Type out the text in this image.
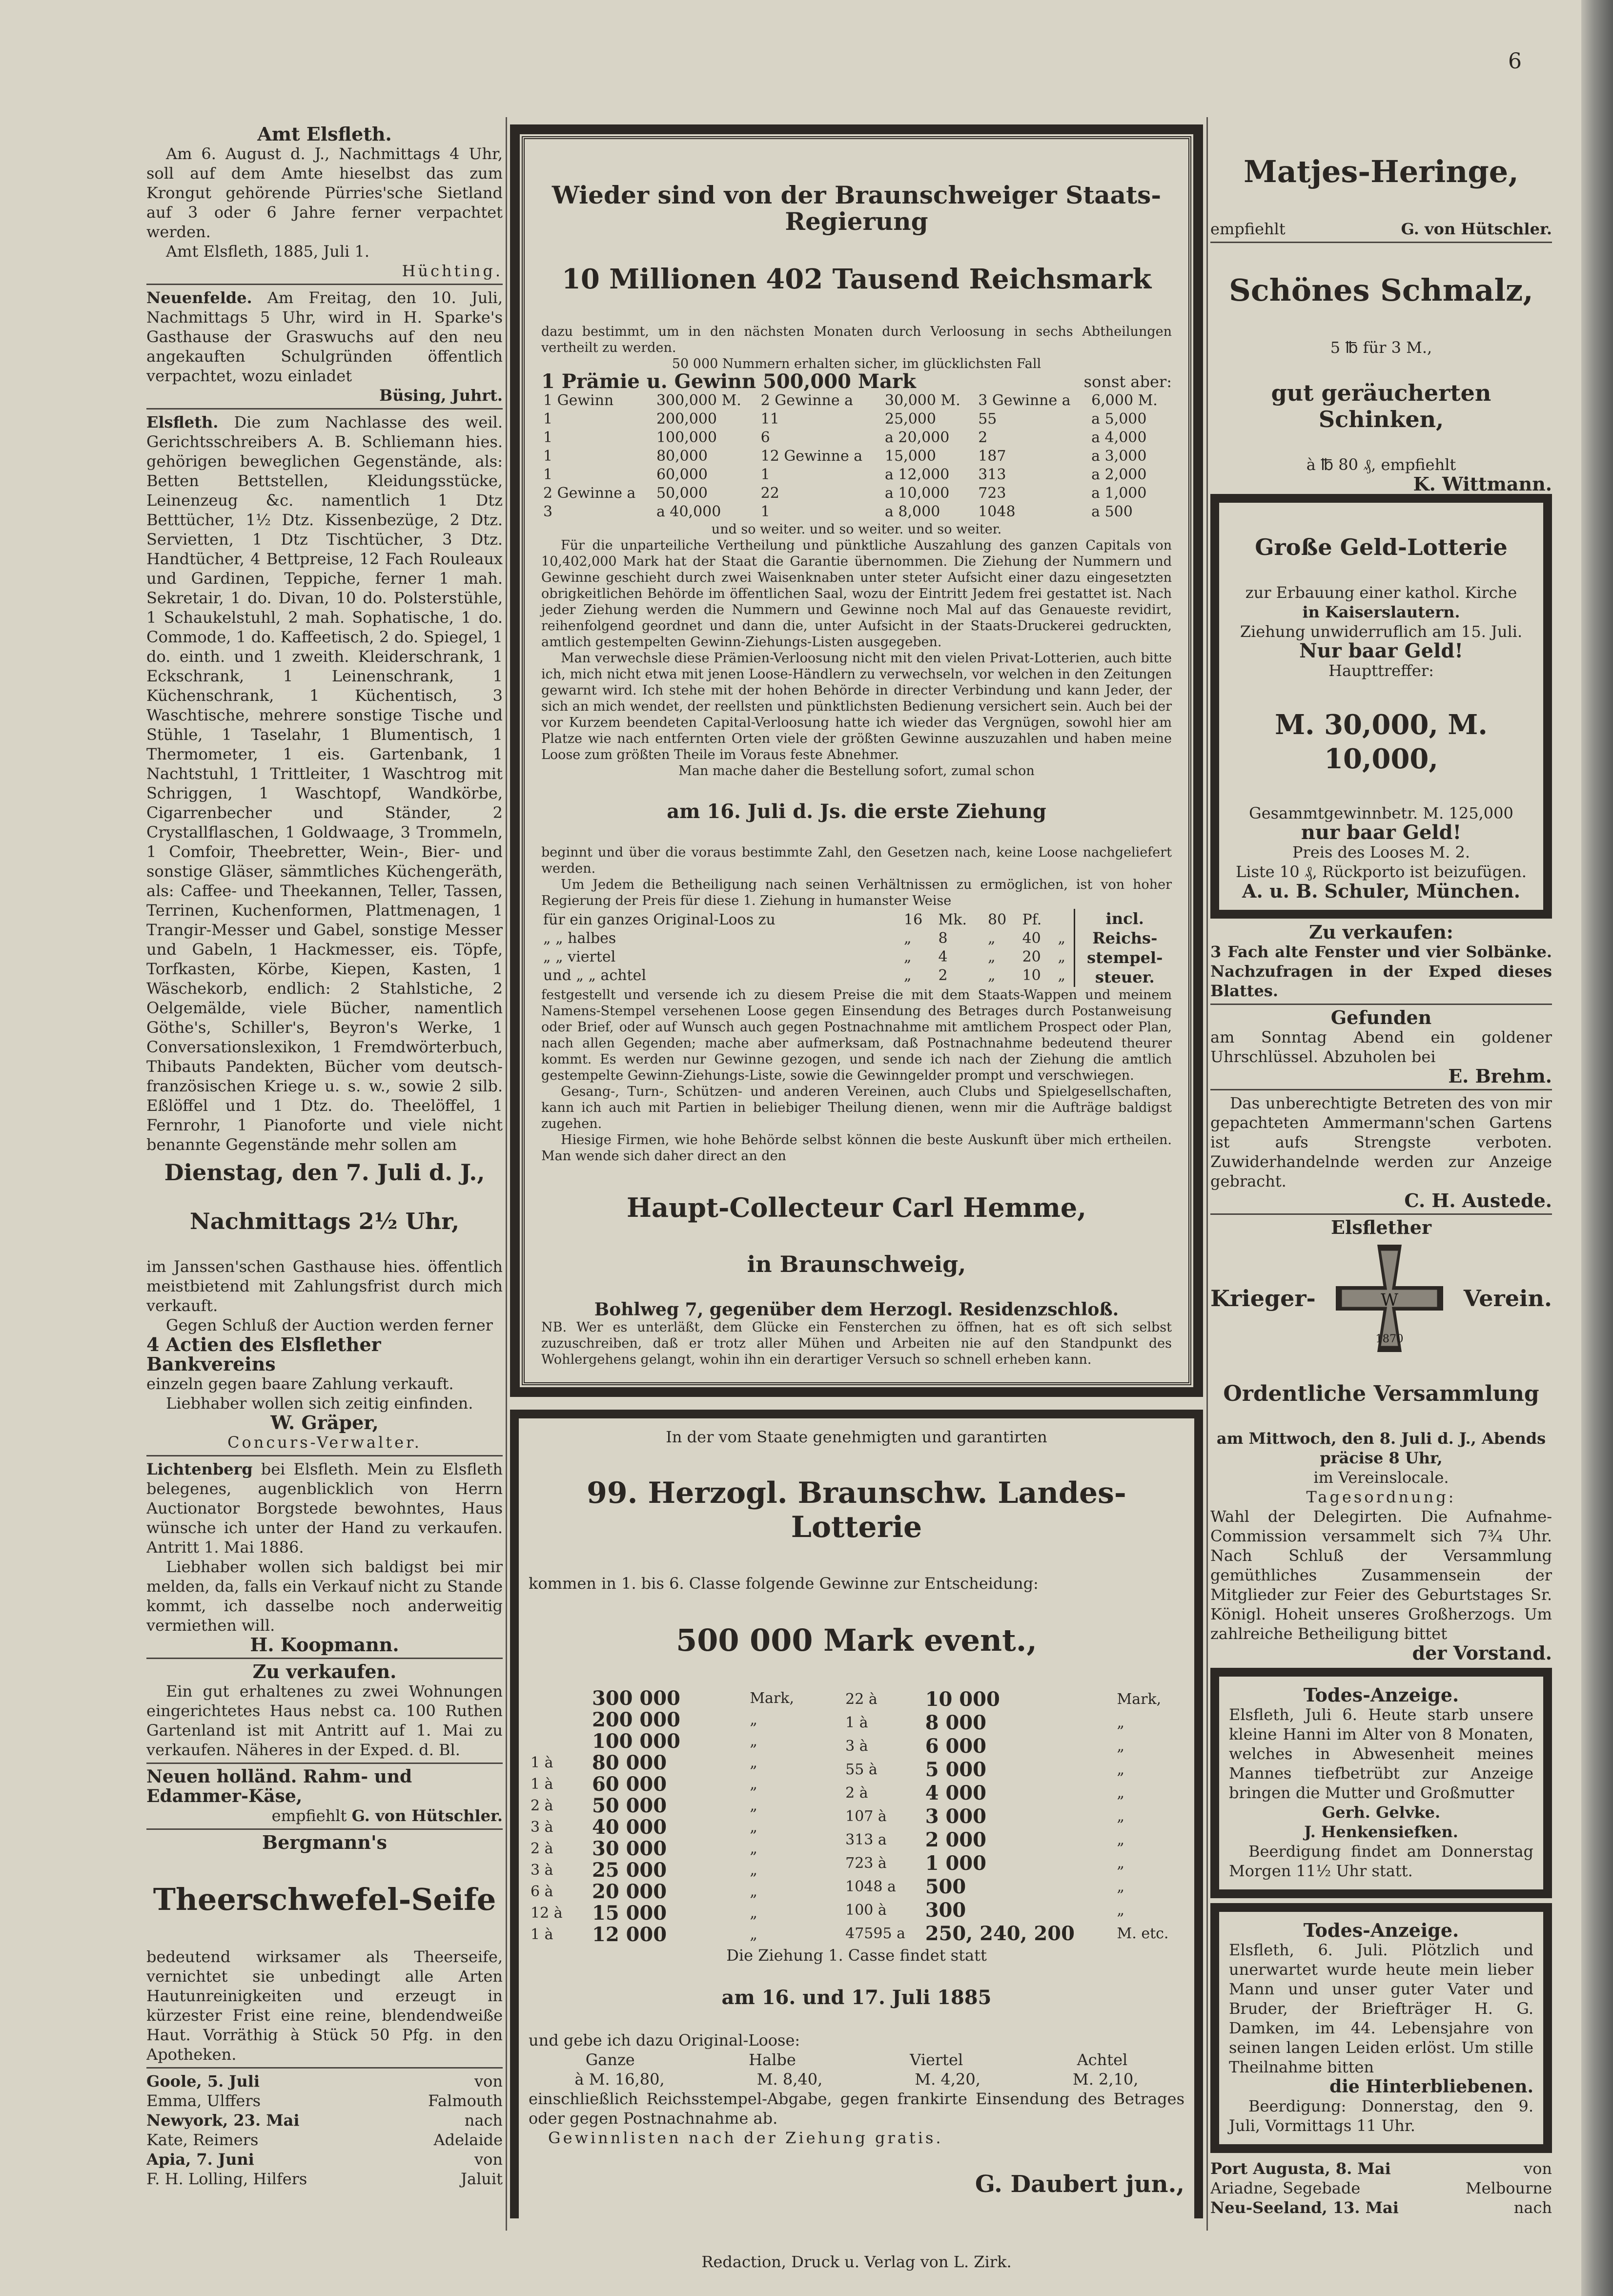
6

Amt Elsfleth.

Am 6. August d. J., Nachmittags 4 Uhr, soll auf dem Amte hieselbst das zum Krongut gehörende Pürries'sche Sietland auf 3 oder 6 Jahre ferner verpachtet werden.

Amt Elsfleth, 1885, Juli 1.

Hüchting.

Neuenfelde. Am Freitag, den 10. Juli, Nachmittags 5 Uhr, wird in H. Sparke's Gasthause der Graswuchs auf den neu angekauften Schulgründen öffentlich verpachtet, wozu einladet

Büsing, Juhrt.

Elsfleth. Die zum Nachlasse des weil. Gerichtsschreibers A. B. Schliemann hies. gehörigen beweglichen Gegenstände, als: Betten Bettstellen, Kleidungsstücke, Leinenzeug &c. namentlich 1 Dtz Betttücher, 1½ Dtz. Kissenbezüge, 2 Dtz. Servietten, 1 Dtz Tischtücher, 3 Dtz. Handtücher, 4 Bettpreise, 12 Fach Rouleaux und Gardinen, Teppiche, ferner 1 mah. Sekretair, 1 do. Divan, 10 do. Polsterstühle, 1 Schaukelstuhl, 2 mah. Sophatische, 1 do. Commode, 1 do. Kaffeetisch, 2 do. Spiegel, 1 do. einth. und 1 zweith. Kleiderschrank, 1 Eckschrank, 1 Leinenschrank, 1 Küchenschrank, 1 Küchentisch, 3 Waschtische, mehrere sonstige Tische und Stühle, 1 Taselahr, 1 Blumentisch, 1 Thermometer, 1 eis. Gartenbank, 1 Nachtstuhl, 1 Trittleiter, 1 Waschtrog mit Schriggen, 1 Waschtopf, Wandkörbe, Cigarrenbecher und Ständer, 2 Crystallflaschen, 1 Goldwaage, 3 Trommeln, 1 Comfoir, Theebretter, Wein-, Bier- und sonstige Gläser, sämmtliches Küchengeräth, als: Caffee- und Theekannen, Teller, Tassen, Terrinen, Kuchenformen, Plattmenagen, 1 Trangir-Messer und Gabel, sonstige Messer und Gabeln, 1 Hackmesser, eis. Töpfe, Torfkasten, Körbe, Kiepen, Kasten, 1 Wäschekorb, endlich: 2 Stahlstiche, 2 Oelgemälde, viele Bücher, namentlich Göthe's, Schiller's, Beyron's Werke, 1 Conversationslexikon, 1 Fremdwörterbuch, Thibauts Pandekten, Bücher vom deutsch-französischen Kriege u. s. w., sowie 2 silb. Eßlöffel und 1 Dtz. do. Theelöffel, 1 Fernrohr, 1 Pianoforte und viele nicht benannte Gegenstände mehr sollen am

Dienstag, den 7. Juli d. J.,

Nachmittags 2½ Uhr,

im Janssen'schen Gasthause hies. öffentlich meistbietend mit Zahlungsfrist durch mich verkauft.

Gegen Schluß der Auction werden ferner

4 Actien des Elsflether Bankvereins

einzeln gegen baare Zahlung verkauft.

Liebhaber wollen sich zeitig einfinden.

W. Gräper,

Concurs-Verwalter.

Lichtenberg bei Elsfleth. Mein zu Elsfleth belegenes, augenblicklich von Herrn Auctionator Borgstede bewohntes, Haus wünsche ich unter der Hand zu verkaufen. Antritt 1. Mai 1886.

Liebhaber wollen sich baldigst bei mir melden, da, falls ein Verkauf nicht zu Stande kommt, ich dasselbe noch anderweitig vermiethen will.

H. Koopmann.

Zu verkaufen.

Ein gut erhaltenes zu zwei Wohnungen eingerichtetes Haus nebst ca. 100 Ruthen Gartenland ist mit Antritt auf 1. Mai zu verkaufen. Näheres in der Exped. d. Bl.

Neuen holländ. Rahm- und Edammer-Käse,

empfiehlt G. von Hütschler.

Bergmann's

Theerschwefel-Seife

bedeutend wirksamer als Theerseife, vernichtet sie unbedingt alle Arten Hautunreinigkeiten und erzeugt in kürzester Frist eine reine, blendendweiße Haut. Vorräthig à Stück 50 Pfg. in den Apotheken.

Goole, 5. Juli	von
Emma, Ulffers	Falmouth
Newyork, 23. Mai	nach
Kate, Reimers	Adelaide
Apia, 7. Juni	von
F. H. Lolling, Hilfers	Jaluit

Wieder sind von der Braunschweiger Staats-Regierung

10 Millionen 402 Tausend Reichsmark

dazu bestimmt, um in den nächsten Monaten durch Verloosung in sechs Abtheilungen vertheilt zu werden.

50 000 Nummern erhalten sicher, im glücklichsten Fall

1 Prämie u. Gewinn 500,000 Mark	sonst aber:

1 Gewinn	300,000 M.	2 Gewinne a	30,000 M.	3 Gewinne a	6,000 M.
1	200,000	11	25,000	55	a 5,000
1	100,000	6	a 20,000	2	a 4,000
1	80,000	12 Gewinne a	15,000	187	a 3,000
1	60,000	1	a 12,000	313	a 2,000
2 Gewinne a	50,000	22	a 10,000	723	a 1,000
3	a 40,000	1	a 8,000	1048	a 500

und so weiter. und so weiter. und so weiter.

Für die unparteiliche Vertheilung und pünktliche Auszahlung des ganzen Capitals von 10,402,000 Mark hat der Staat die Garantie übernommen. Die Ziehung der Nummern und Gewinne geschieht durch zwei Waisenknaben unter steter Aufsicht einer dazu eingesetzten obrigkeitlichen Behörde im öffentlichen Saal, wozu der Eintritt Jedem frei gestattet ist. Nach jeder Ziehung werden die Nummern und Gewinne noch Mal auf das Genaueste revidirt, reihenfolgend geordnet und dann die, unter Aufsicht in der Staats-Druckerei gedruckten, amtlich gestempelten Gewinn-Ziehungs-Listen ausgegeben.

Man verwechsle diese Prämien-Verloosung nicht mit den vielen Privat-Lotterien, auch bitte ich, mich nicht etwa mit jenen Loose-Händlern zu verwechseln, vor welchen in den Zeitungen gewarnt wird. Ich stehe mit der hohen Behörde in directer Verbindung und kann Jeder, der sich an mich wendet, der reellsten und pünktlichsten Bedienung versichert sein. Auch bei der vor Kurzem beendeten Capital-Verloosung hatte ich wieder das Vergnügen, sowohl hier am Platze wie nach entfernten Orten viele der größten Gewinne auszuzahlen und haben meine Loose zum größten Theile im Voraus feste Abnehmer.

Man mache daher die Bestellung sofort, zumal schon

am 16. Juli d. Js. die erste Ziehung

beginnt und über die voraus bestimmte Zahl, den Gesetzen nach, keine Loose nachgeliefert werden.

Um Jedem die Betheiligung nach seinen Verhältnissen zu ermöglichen, ist von hoher Regierung der Preis für diese 1. Ziehung in humanster Weise

für ein ganzes Original-Loos zu	16	Mk.	80	Pf.	
„ „ halbes	„	8	„	40	„
„ „ viertel	„	4	„	20	„
und „ „ achtel	„	2	„	10	„
incl. Reichs-stempel-steuer.

festgestellt und versende ich zu diesem Preise die mit dem Staats-Wappen und meinem Namens-Stempel versehenen Loose gegen Einsendung des Betrages durch Postanweisung oder Brief, oder auf Wunsch auch gegen Postnachnahme mit amtlichem Prospect oder Plan, nach allen Gegenden; mache aber aufmerksam, daß Postnachnahme bedeutend theurer kommt. Es werden nur Gewinne gezogen, und sende ich nach der Ziehung die amtlich gestempelte Gewinn-Ziehungs-Liste, sowie die Gewinngelder prompt und verschwiegen.

Gesang-, Turn-, Schützen- und anderen Vereinen, auch Clubs und Spielgesellschaften, kann ich auch mit Partien in beliebiger Theilung dienen, wenn mir die Aufträge baldigst zugehen.

Hiesige Firmen, wie hohe Behörde selbst können die beste Auskunft über mich ertheilen. Man wende sich daher direct an den

Haupt-Collecteur Carl Hemme,

in Braunschweig,

Bohlweg 7, gegenüber dem Herzogl. Residenzschloß.

NB. Wer es unterläßt, dem Glücke ein Fensterchen zu öffnen, hat es oft sich selbst zuzuschreiben, daß er trotz aller Mühen und Arbeiten nie auf den Standpunkt des Wohlergehens gelangt, wohin ihn ein derartiger Versuch so schnell erheben kann.

In der vom Staate genehmigten und garantirten

99. Herzogl. Braunschw. Landes-Lotterie

kommen in 1. bis 6. Classe folgende Gewinne zur Entscheidung:

500 000 Mark event.,

	300 000	Mark,
	200 000	„
	100 000	„
1 à	80 000	„
1 à	60 000	„
2 à	50 000	„
3 à	40 000	„
2 à	30 000	„
3 à	25 000	„
6 à	20 000	„
12 à	15 000	„
1 à	12 000	„
22 à	10 000	Mark,
1 à	8 000	„
3 à	6 000	„
55 à	5 000	„
2 à	4 000	„
107 à	3 000	„
313 a	2 000	„
723 à	1 000	„
1048 a	500	„
100 à	300	„
47595 a	250, 240, 200	M. etc.

Die Ziehung 1. Casse findet statt

am 16. und 17. Juli 1885

und gebe ich dazu Original-Loose:

Ganze	Halbe	Viertel	Achtel
à M. 16,80,	M. 8,40,	M. 4,20,	M. 2,10,

einschließlich Reichsstempel-Abgabe, gegen frankirte Einsendung des Betrages oder gegen Postnachnahme ab.

Gewinnlisten nach der Ziehung gratis.

G. Daubert jun.,

Matjes-Heringe,

empfiehlt	G. von Hütschler.

Schönes Schmalz,

5 ℔ für 3 M.,

gut geräucherten Schinken,

à ℔ 80 ₰, empfiehlt

K. Wittmann.

Große Geld-Lotterie

zur Erbauung einer kathol. Kirche

in Kaiserslautern.

Ziehung unwiderruflich am 15. Juli.

Nur baar Geld!

Haupttreffer:

M. 30,000, M. 10,000,

Gesammtgewinnbetr. M. 125,000

nur baar Geld!

Preis des Looses M. 2.

Liste 10 ₰, Rückporto ist beizufügen.

A. u. B. Schuler, München.

Zu verkaufen:

3 Fach alte Fenster und vier Solbänke. Nachzufragen in der Exped dieses Blattes.

Gefunden

am Sonntag Abend ein goldener Uhrschlüssel. Abzuholen bei

E. Brehm.

Das unberechtigte Betreten des von mir gepachteten Ammermann'schen Gartens ist aufs Strengste verboten. Zuwiderhandelnde werden zur Anzeige gebracht.

C. H. Austede.

Elsflether

Krieger-	W
1870
Verein.

Ordentliche Versammlung

am Mittwoch, den 8. Juli d. J., Abends präcise 8 Uhr,

im Vereinslocale.

Tagesordnung:

Wahl der Delegirten. Die Aufnahme-Commission versammelt sich 7¾ Uhr. Nach Schluß der Versammlung gemüthliches Zusammensein der Mitglieder zur Feier des Geburtstages Sr. Königl. Hoheit unseres Großherzogs. Um zahlreiche Betheiligung bittet

der Vorstand.

Todes-Anzeige.

Elsfleth, Juli 6. Heute starb unsere kleine Hanni im Alter von 8 Monaten, welches in Abwesenheit meines Mannes tiefbetrübt zur Anzeige bringen die Mutter und Großmutter

Gerh. Gelvke.

J. Henkensiefken.

Beerdigung findet am Donnerstag Morgen 11½ Uhr statt.

Todes-Anzeige.

Elsfleth, 6. Juli. Plötzlich und unerwartet wurde heute mein lieber Mann und unser guter Vater und Bruder, der Briefträger H. G. Damken, im 44. Lebensjahre von seinen langen Leiden erlöst. Um stille Theilnahme bitten

die Hinterbliebenen.

Beerdigung: Donnerstag, den 9. Juli, Vormittags 11 Uhr.

Port Augusta, 8. Mai	von
Ariadne, Segebade	Melbourne
Neu-Seeland, 13. Mai	nach
Redaction, Druck u. Verlag von L. Zirk.
